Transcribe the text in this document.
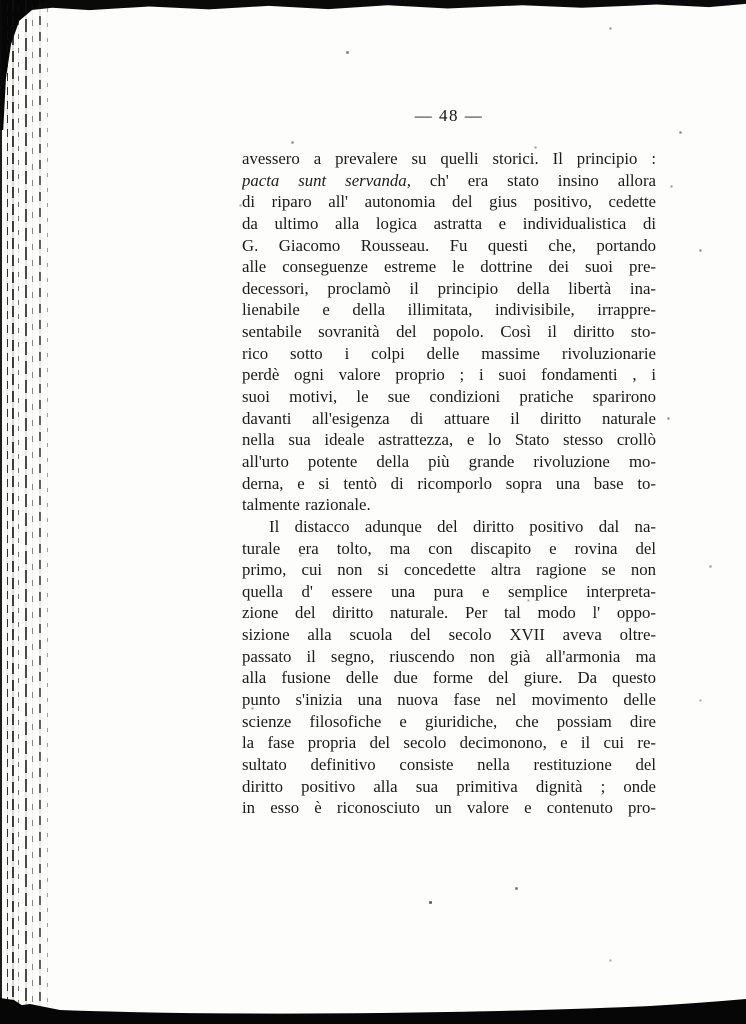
— 48 —
avessero a prevalere su quelli storici. Il principio :
pacta sunt servanda, ch' era stato insino allora
di riparo all' autonomia del gius positivo, cedette
da ultimo alla logica astratta e individualistica di
G. Giacomo Rousseau. Fu questi che, portando
alle conseguenze estreme le dottrine dei suoi pre-
decessori, proclamò il principio della libertà ina-
lienabile e della illimitata, indivisibile, irrappre-
sentabile sovranità del popolo. Così il diritto sto-
rico sotto i colpi delle massime rivoluzionarie
perdè ogni valore proprio ; i suoi fondamenti , i
suoi motivi, le sue condizioni pratiche sparirono
davanti all'esigenza di attuare il diritto naturale
nella sua ideale astrattezza, e lo Stato stesso crollò
all'urto potente della più grande rivoluzione mo-
derna, e si tentò di ricomporlo sopra una base to-
talmente razionale.
Il distacco adunque del diritto positivo dal na-
turale era tolto, ma con discapito e rovina del
primo, cui non si concedette altra ragione se non
quella d' essere una pura e semplice interpreta-
zione del diritto naturale. Per tal modo l' oppo-
sizione alla scuola del secolo XVII aveva oltre-
passato il segno, riuscendo non già all'armonia ma
alla fusione delle due forme del giure. Da questo
punto s'inizia una nuova fase nel movimento delle
scienze filosofiche e giuridiche, che possiam dire
la fase propria del secolo decimonono, e il cui re-
sultato definitivo consiste nella restituzione del
diritto positivo alla sua primitiva dignità ; onde
in esso è riconosciuto un valore e contenuto pro-
